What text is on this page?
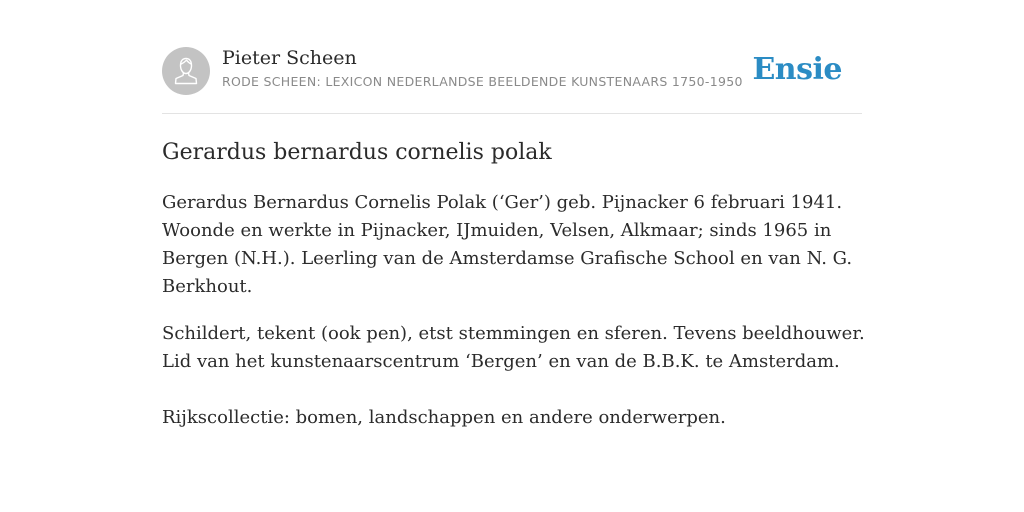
Pieter Scheen
RODE SCHEEN: LEXICON NEDERLANDSE BEELDENDE KUNSTENAARS 1750-1950 Ensie
Gerardus bernardus cornelis polak

Gerardus Bernardus Cornelis Polak (‘Ger’) geb. Pijnacker 6 februari 1941. Woonde en werkte in Pijnacker, IJmuiden, Velsen, Alkmaar; sinds 1965 in Bergen (N.H.). Leerling van de Amsterdamse Grafische School en van N. G. Berkhout.

Schildert, tekent (ook pen), etst stemmingen en sferen. Tevens beeldhouwer. Lid van het kunstenaarscentrum ‘Bergen’ en van de B.B.K. te Amsterdam.

Rijkscollectie: bomen, landschappen en andere onderwerpen.
